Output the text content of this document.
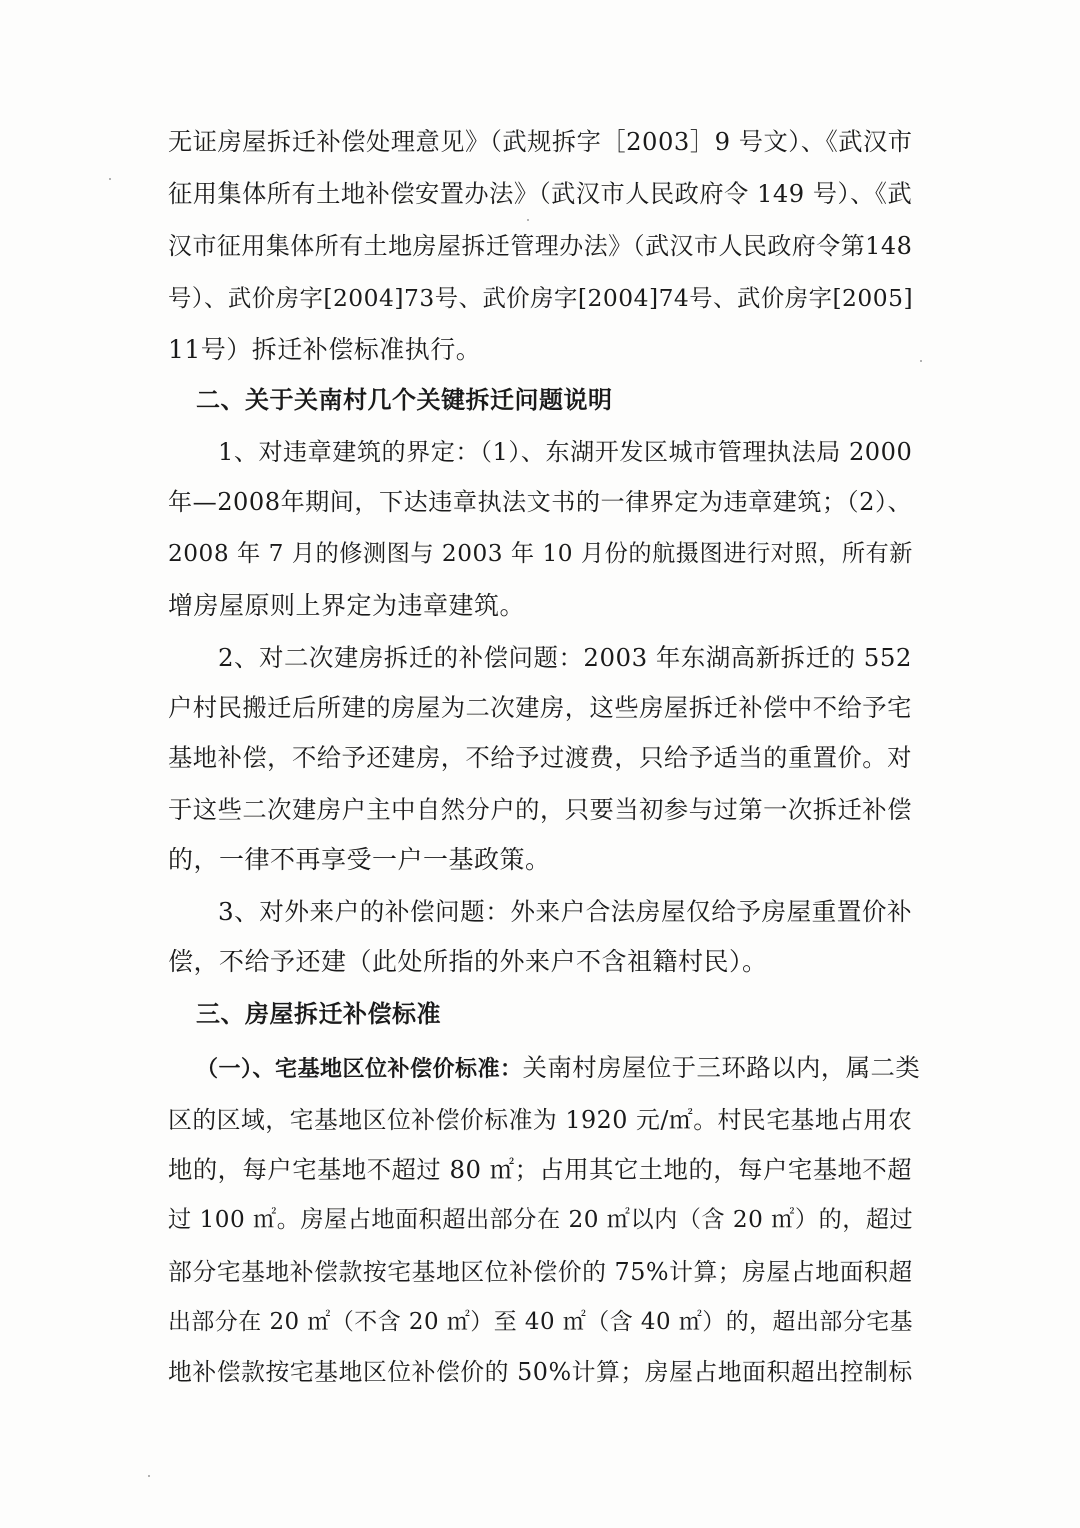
无证房屋拆迁补偿处理意见》（武规拆字［2003］9 号文）、《武汉市
征用集体所有土地补偿安置办法》（武汉市人民政府令 149 号）、《武
汉市征用集体所有土地房屋拆迁管理办法》（武汉市人民政府令第148
号）、武价房字[2004]73号、武价房字[2004]74号、武价房字[2005]
11号）拆迁补偿标准执行。
二、关于关南村几个关键拆迁问题说明
1、对违章建筑的界定：（1）、东湖开发区城市管理执法局 2000
年—2008年期间，下达违章执法文书的一律界定为违章建筑；（2）、
2008 年 7 月的修测图与 2003 年 10 月份的航摄图进行对照，所有新
增房屋原则上界定为违章建筑。
2、对二次建房拆迁的补偿问题：2003 年东湖高新拆迁的 552
户村民搬迁后所建的房屋为二次建房，这些房屋拆迁补偿中不给予宅
基地补偿，不给予还建房，不给予过渡费，只给予适当的重置价。对
于这些二次建房户主中自然分户的，只要当初参与过第一次拆迁补偿
的，一律不再享受一户一基政策。
3、对外来户的补偿问题：外来户合法房屋仅给予房屋重置价补
偿，不给予还建（此处所指的外来户不含祖籍村民）。
三、房屋拆迁补偿标准
（一）、宅基地区位补偿价标准：关南村房屋位于三环路以内，属二类
区的区域，宅基地区位补偿价标准为 1920 元/㎡。村民宅基地占用农
地的，每户宅基地不超过 80 ㎡；占用其它土地的，每户宅基地不超
过 100 ㎡。房屋占地面积超出部分在 20 ㎡以内（含 20 ㎡）的，超过
部分宅基地补偿款按宅基地区位补偿价的 75%计算；房屋占地面积超
出部分在 20 ㎡（不含 20 ㎡）至 40 ㎡（含 40 ㎡）的，超出部分宅基
地补偿款按宅基地区位补偿价的 50%计算；房屋占地面积超出控制标
